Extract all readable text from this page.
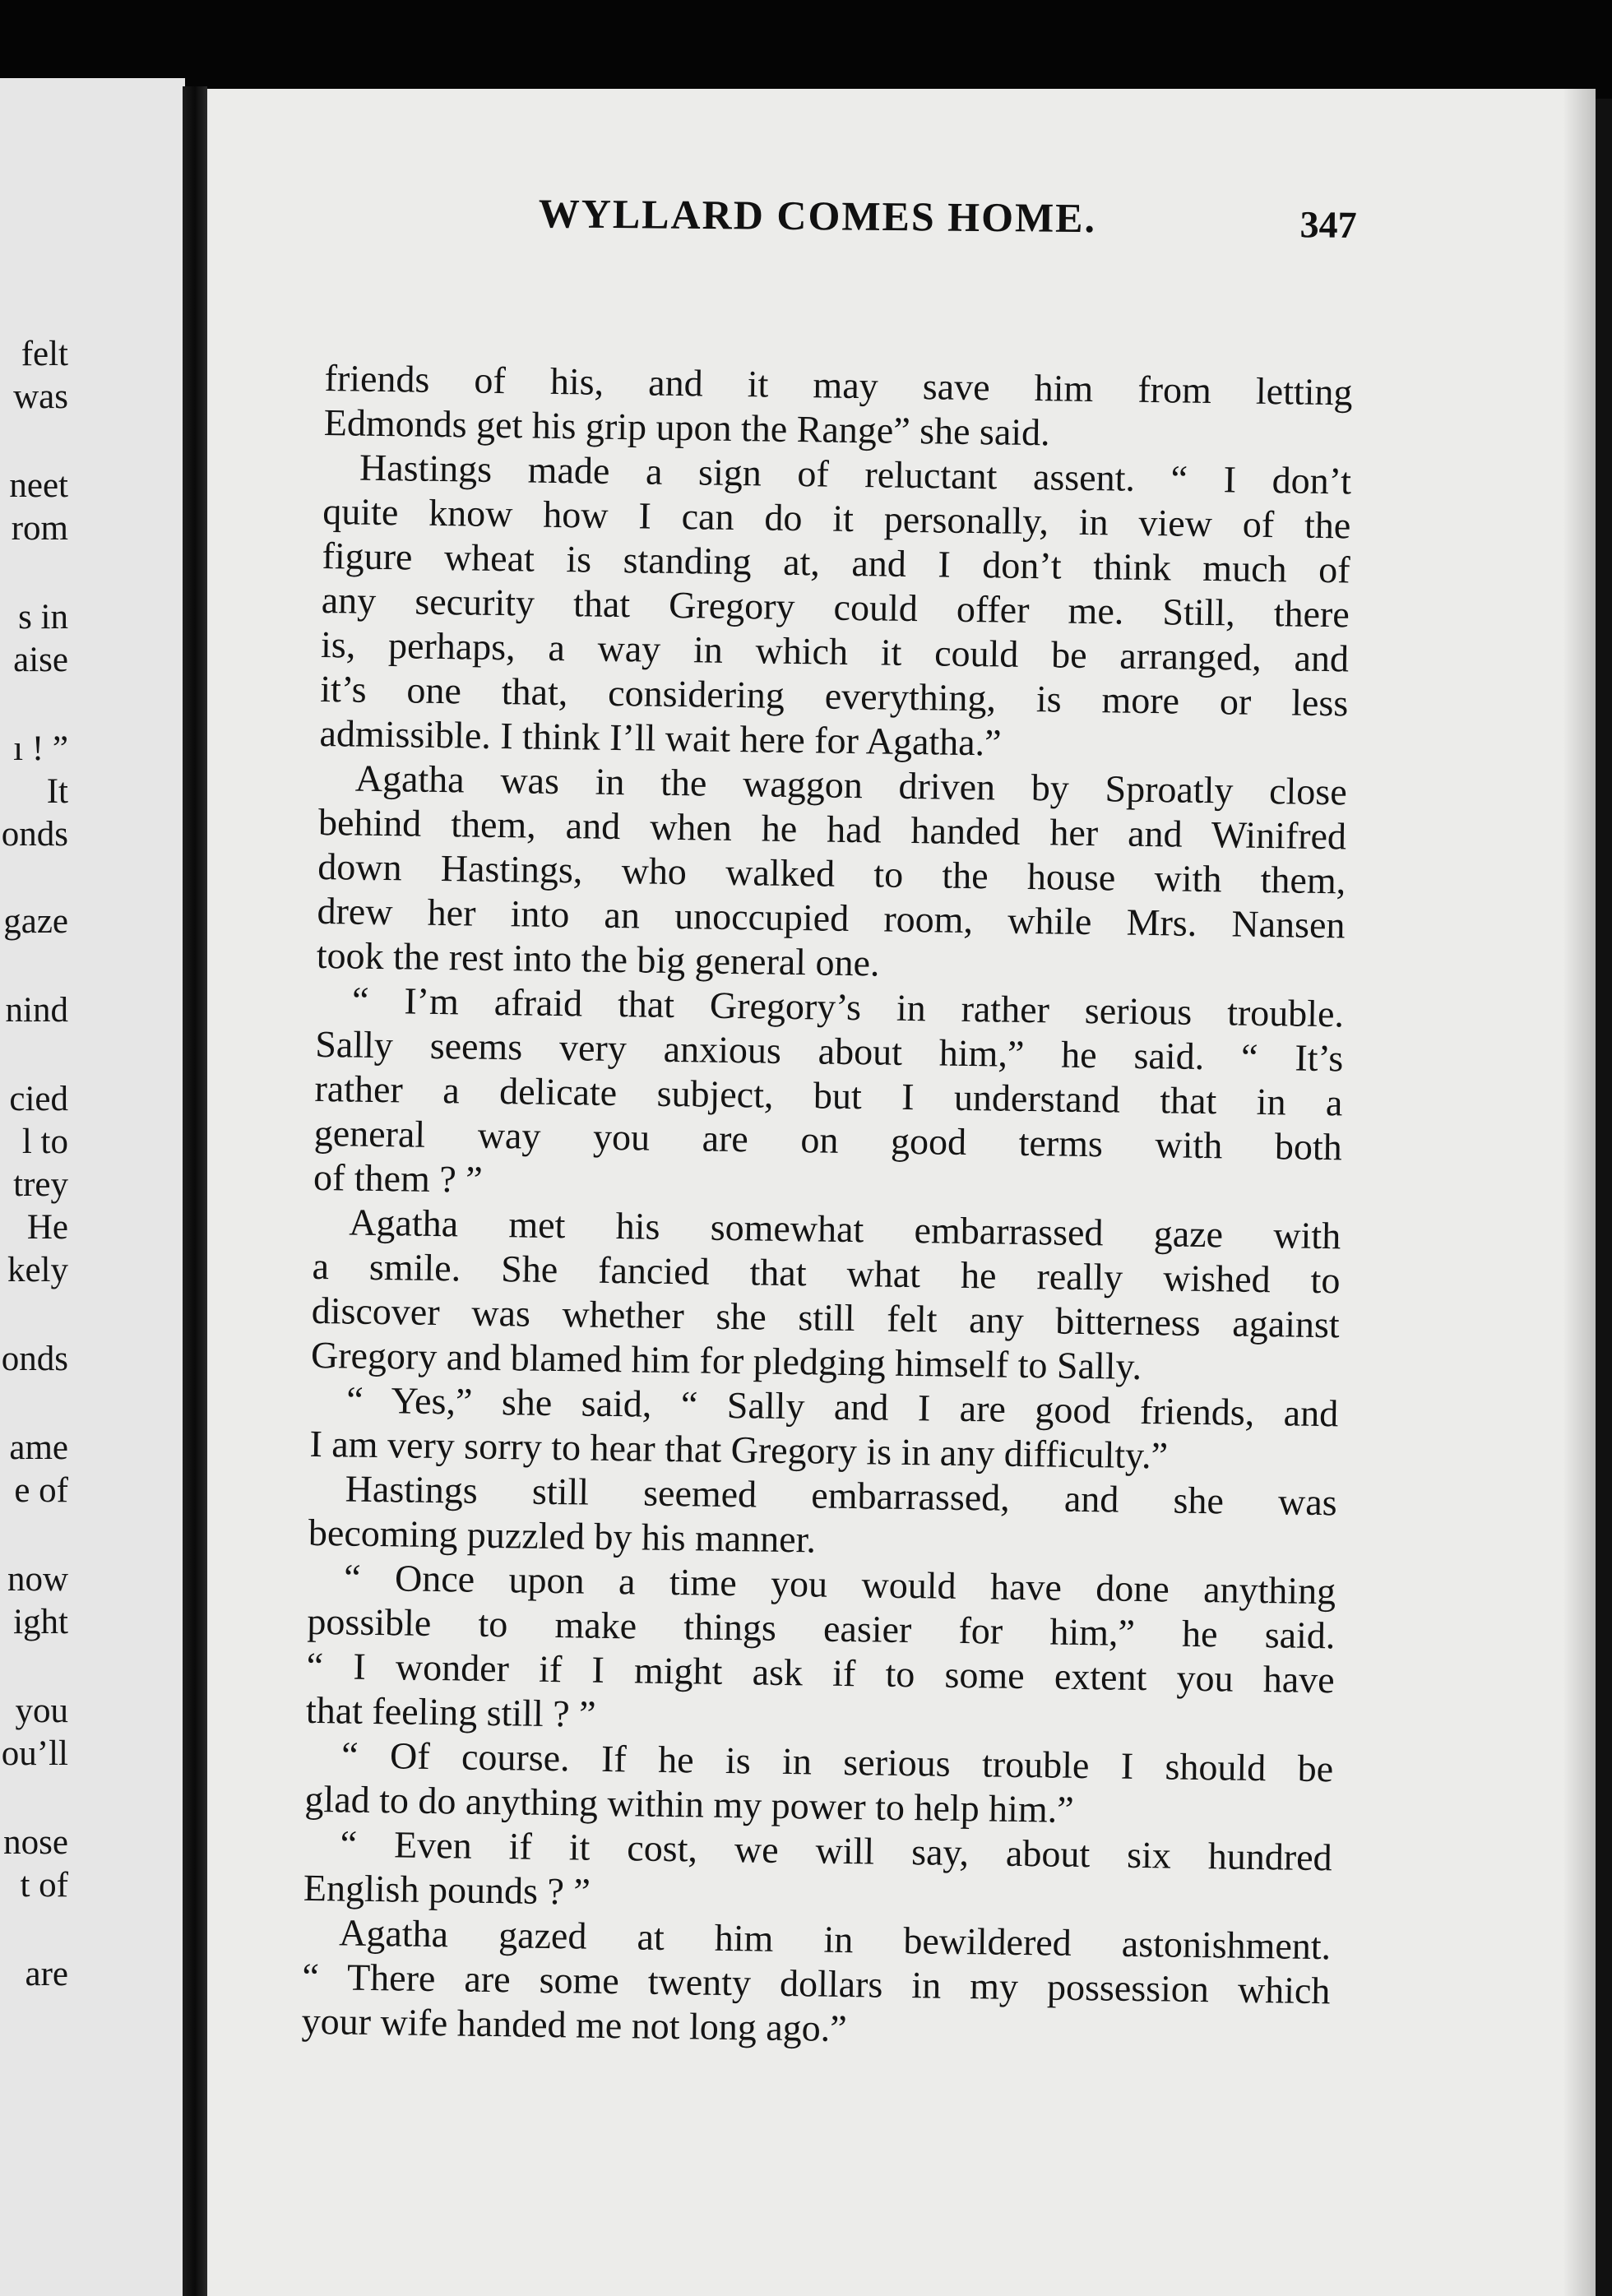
felt

was

neet

rom

s in

aise

ı ! ”

It

onds

gaze

nind

cied

l to

trey

He

kely

onds

ame

e of

now

ight

you

ou’ll

nose

t of

are

WYLLARD COMES HOME.	347

friends of his, and it may save him from letting

Edmonds get his grip upon the Range” she said.

Hastings made a sign of reluctant assent. “ I don’t

quite know how I can do it personally, in view of the

figure wheat is standing at, and I don’t think much of

any security that Gregory could offer me. Still, there

is, perhaps, a way in which it could be arranged, and

it’s one that, considering everything, is more or less

admissible. I think I’ll wait here for Agatha.”

Agatha was in the waggon driven by Sproatly close

behind them, and when he had handed her and Winifred

down Hastings, who walked to the house with them,

drew her into an unoccupied room, while Mrs. Nansen

took the rest into the big general one.

“ I’m afraid that Gregory’s in rather serious trouble.

Sally seems very anxious about him,” he said. “ It’s

rather a delicate subject, but I understand that in a

general way you are on good terms with both

of them ? ”

Agatha met his somewhat embarrassed gaze with

a smile. She fancied that what he really wished to

discover was whether she still felt any bitterness against

Gregory and blamed him for pledging himself to Sally.

“ Yes,” she said, “ Sally and I are good friends, and

I am very sorry to hear that Gregory is in any difficulty.”

Hastings still seemed embarrassed, and she was

becoming puzzled by his manner.

“ Once upon a time you would have done anything

possible to make things easier for him,” he said.

“ I wonder if I might ask if to some extent you have

that feeling still ? ”

“ Of course. If he is in serious trouble I should be

glad to do anything within my power to help him.”

“ Even if it cost, we will say, about six hundred

English pounds ? ”

Agatha gazed at him in bewildered astonishment.

“ There are some twenty dollars in my possession which

your wife handed me not long ago.”
